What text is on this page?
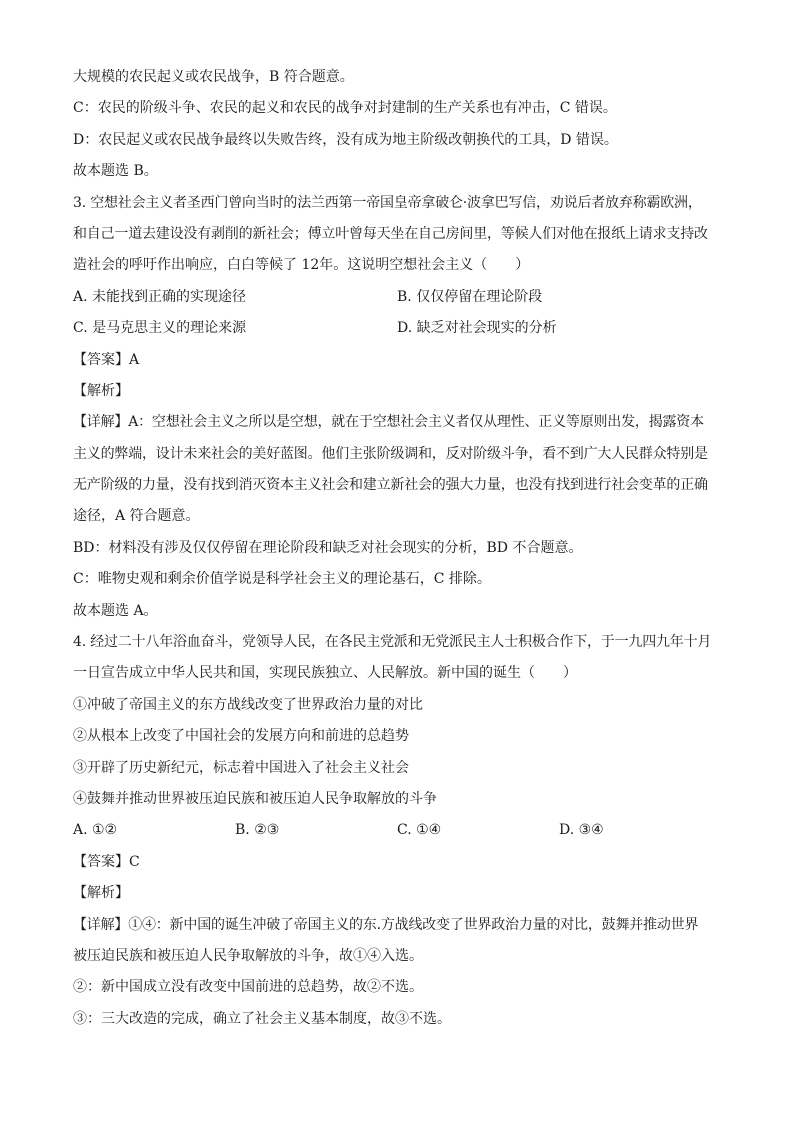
大规模的农民起义或农民战争，B 符合题意。
C：农民的阶级斗争、农民的起义和农民的战争对封建制的生产关系也有冲击，C 错误。
D：农民起义或农民战争最终以失败告终，没有成为地主阶级改朝换代的工具，D 错误。
故本题选 B。
3. 空想社会主义者圣西门曾向当时的法兰西第一帝国皇帝拿破仑·波拿巴写信，劝说后者放弃称霸欧洲，
和自己一道去建设没有剥削的新社会；傅立叶曾每天坐在自己房间里，等候人们对他在报纸上请求支持改
造社会的呼吁作出响应，白白等候了 12年。这说明空想社会主义（　　）
A. 未能找到正确的实现途径	B. 仅仅停留在理论阶段
C. 是马克思主义的理论来源	D. 缺乏对社会现实的分析
【答案】A
【解析】
【详解】A：空想社会主义之所以是空想，就在于空想社会主义者仅从理性、正义等原则出发，揭露资本
主义的弊端，设计未来社会的美好蓝图。他们主张阶级调和，反对阶级斗争，看不到广大人民群众特别是
无产阶级的力量，没有找到消灭资本主义社会和建立新社会的强大力量，也没有找到进行社会变革的正确
途径，A 符合题意。
BD：材料没有涉及仅仅停留在理论阶段和缺乏对社会现实的分析，BD 不合题意。
C：唯物史观和剩余价值学说是科学社会主义的理论基石，C 排除。
故本题选 A。
4. 经过二十八年浴血奋斗，党领导人民，在各民主党派和无党派民主人士积极合作下，于一九四九年十月
一日宣告成立中华人民共和国，实现民族独立、人民解放。新中国的诞生（　　）
①冲破了帝国主义的东方战线改变了世界政治力量的对比
②从根本上改变了中国社会的发展方向和前进的总趋势
③开辟了历史新纪元，标志着中国进入了社会主义社会
④鼓舞并推动世界被压迫民族和被压迫人民争取解放的斗争
A. ①②	B. ②③	C. ①④	D. ③④
【答案】C
【解析】
【详解】①④：新中国的诞生冲破了帝国主义的东.方战线改变了世界政治力量的对比，鼓舞并推动世界
被压迫民族和被压迫人民争取解放的斗争，故①④入选。
②：新中国成立没有改变中国前进的总趋势，故②不选。
③：三大改造的完成，确立了社会主义基本制度，故③不选。
